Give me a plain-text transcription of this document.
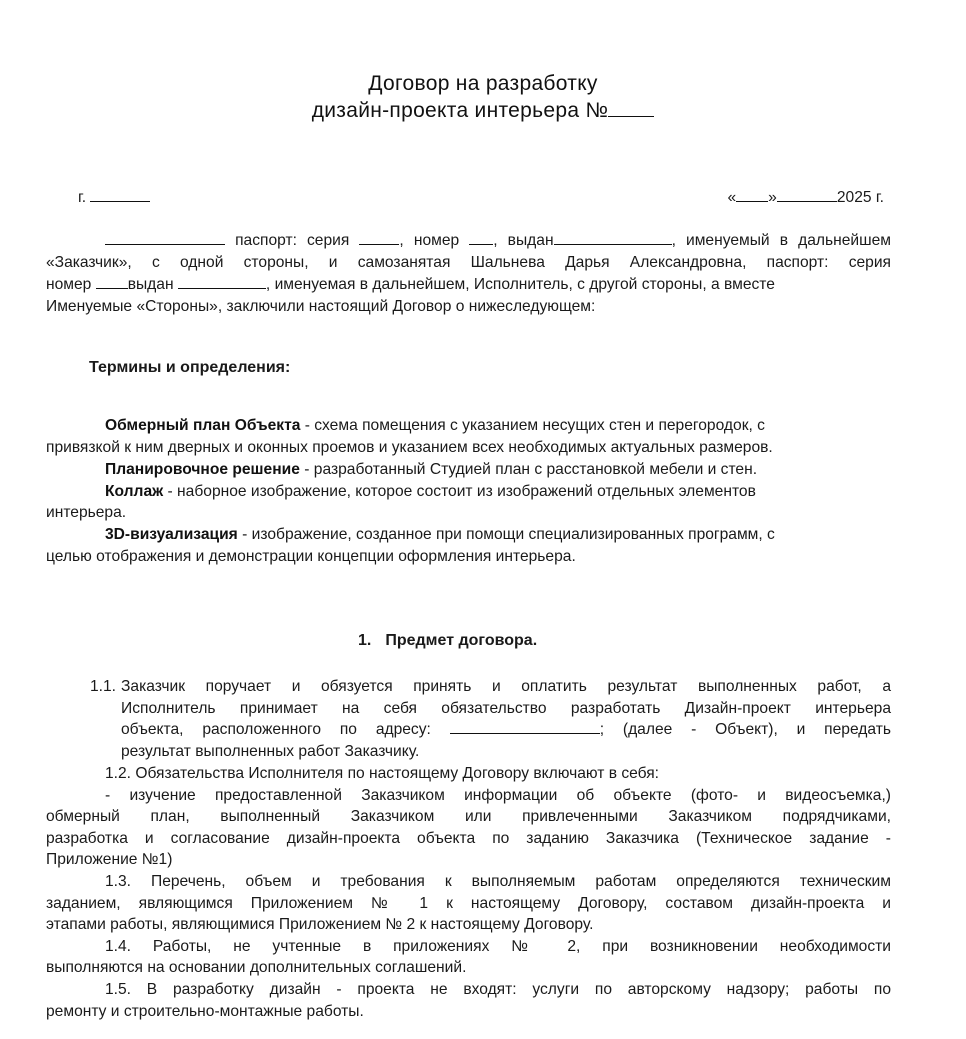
Договор на разработку
дизайн-проекта интерьера №
г.	« »	2025 г.
паспорт: серия	, номер , выдан	, именуемый в дальнейшем
«Заказчик», с одной стороны, и самозанятая Шальнева Дарья Александровна, паспорт: серия
номер выдан	, именуемая в дальнейшем, Исполнитель, с другой стороны, а вместе
Именуемые «Стороны», заключили настоящий Договор о нижеследующем:
Термины и определения:
Обмерный план Объекта - схема помещения с указанием несущих стен и перегородок, с
привязкой к ним дверных и оконных проемов и указанием всех необходимых актуальных размеров.
Планировочное решение - разработанный Студией план с расстановкой мебели и стен.
Коллаж - наборное изображение, которое состоит из изображений отдельных элементов
интерьера.
3D-визуализация - изображение, созданное при помощи специализированных программ, с
целью отображения и демонстрации концепции оформления интерьера.
1. Предмет договора.
1.1. Заказчик поручает и обязуется принять и оплатить результат выполненных работ, а
Исполнитель принимает на себя обязательство разработать Дизайн-проект интерьера
объекта, расположенного по адресу:	; (далее - Объект), и передать
результат выполненных работ Заказчику.
1.2. Обязательства Исполнителя по настоящему Договору включают в себя:
- изучение предоставленной Заказчиком информации об объекте (фото- и видеосъемка,)
обмерный план, выполненный Заказчиком или привлеченными Заказчиком подрядчиками,
разработка и согласование дизайн-проекта объекта по заданию Заказчика (Техническое задание -
Приложение №1)
1.3. Перечень, объем и требования к выполняемым работам определяются техническим
заданием, являющимся Приложением № 1 к настоящему Договору, составом дизайн-проекта и
этапами работы, являющимися Приложением № 2 к настоящему Договору.
1.4. Работы, не учтенные в приложениях № 2, при возникновении необходимости
выполняются на основании дополнительных соглашений.
1.5. В разработку дизайн - проекта не входят: услуги по авторскому надзору; работы по
ремонту и строительно-монтажные работы.
